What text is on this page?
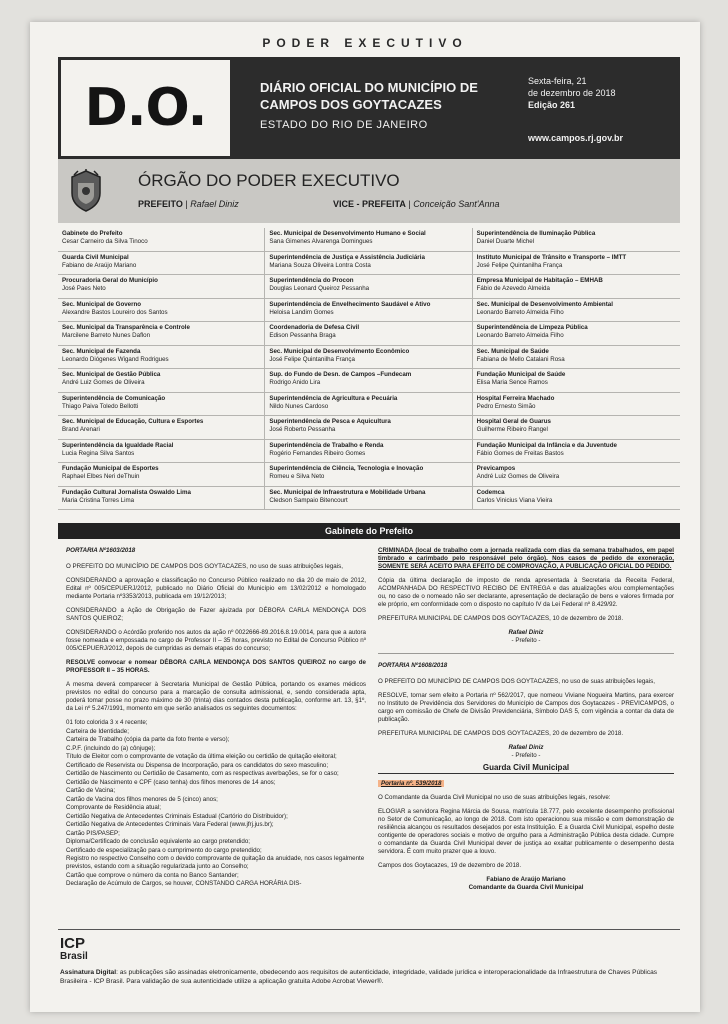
PODER EXECUTIVO
D.O.	DIÁRIO OFICIAL DO MUNICÍPIO DE
CAMPOS DOS GOYTACAZES
ESTADO DO RIO DE JANEIRO
Sexta-feira, 21
de dezembro de 2018
Edição 261
www.campos.rj.gov.br
ÓRGÃO DO PODER EXECUTIVO
PREFEITO | Rafael Diniz	VICE - PREFEITA | Conceição Sant'Anna
Gabinete do Prefeito
Cesar Carneiro da Silva Tinoco
Sec. Municipal de Desenvolvimento Humano e Social
Sana Gimenes Alvarenga Domingues
Superintendência de Iluminação Pública
Daniel Duarte Michel
Guarda Civil Municipal
Fabiano de Araújo Mariano
Superintendência de Justiça e Assistência Judiciária
Mariana Souza Oliveira Lontra Costa
Instituto Municipal de Trânsito e Transporte – IMTT
José Felipe Quintanilha França
Procuradoria Geral do Município
José Paes Neto
Superintendência do Procon
Douglas Leonard Queiroz Pessanha
Empresa Municipal de Habitação – EMHAB
Fábio de Azevedo Almeida
Sec. Municipal de Governo
Alexandre Bastos Loureiro dos Santos
Superintendência de Envelhecimento Saudável e Ativo
Heloisa Landim Gomes
Sec. Municipal de Desenvolvimento Ambiental
Leonardo Barreto Almeida Filho
Sec. Municipal da Transparência e Controle
Marcilene Barreto Nunes Daflon
Coordenadoria de Defesa Civil
Edison Pessanha Braga
Superintendência de Limpeza Pública
Leonardo Barreto Almeida Filho
Sec. Municipal de Fazenda
Leonardo Diógenes Wigand Rodrigues
Sec. Municipal de Desenvolvimento Econômico
José Felipe Quintanilha França
Sec. Municipal de Saúde
Fabiana de Mello Catalani Rosa
Sec. Municipal de Gestão Pública
André Luiz Gomes de Oliveira
Sup. do Fundo de Desn. de Campos –Fundecam
Rodrigo Anido Lira
Fundação Municipal de Saúde
Elisa Maria Sence Ramos
Superintendência de Comunicação
Thiago Paiva Toledo Bellotti
Superintendência de Agricultura e Pecuária
Nildo Nunes Cardoso
Hospital Ferreira Machado
Pedro Ernesto Simão
Sec. Municipal de Educação, Cultura e Esportes
Brand Arenari
Superintendência de Pesca e Aquicultura
José Roberto Pessanha
Hospital Geral de Guarus
Guilherme Ribeiro Rangel
Superintendência da Igualdade Racial
Lucia Regina Silva Santos
Superintendência de Trabalho e Renda
Rogério Fernandes Ribeiro Gomes
Fundação Municipal da Infância e da Juventude
Fábio Gomes de Freitas Bastos
Fundação Municipal de Esportes
Raphael Elbes Neri deThuin
Superintendência de Ciência, Tecnologia e Inovação
Romeu e Silva Neto
Previcampos
André Luiz Gomes de Oliveira
Fundação Cultural Jornalista Oswaldo Lima
Maria Cristina Torres Lima
Sec. Municipal de Infraestrutura e Mobilidade Urbana
Cledson Sampaio Bitencourt
Codemca
Carlos Vinicius Viana Vieira
Gabinete do Prefeito
PORTARIA Nº1603/2018

O PREFEITO DO MUNICÍPIO DE CAMPOS DOS GOYTACAZES, no uso de suas atribuições legais,

CONSIDERANDO a aprovação e classificação no Concurso Público realizado no dia 20 de maio de 2012, Edital nº 005/CEPUERJ/2012, publicado no Diário Oficial do Município em 13/02/2012 e homologado mediante Portaria nº3353/2013, publicada em 19/12/2013;

CONSIDERANDO a Ação de Obrigação de Fazer ajuizada por DÉBORA CARLA MENDONÇA DOS SANTOS QUEIROZ;

CONSIDERANDO o Acórdão proferido nos autos da ação nº 0022666-89.2016.8.19.0014, para que a autora fosse nomeada e empossada no cargo de Professor II – 35 horas, previsto no Edital de Concurso Público nº 005/CEPUERJ/2012, depois de cumpridas as demais etapas do concurso;

RESOLVE convocar e nomear DÉBORA CARLA MENDONÇA DOS SANTOS QUEIROZ no cargo de PROFESSOR II – 35 HORAS.

A mesma deverá comparecer à Secretaria Municipal de Gestão Pública, portando os exames médicos previstos no edital do concurso para a marcação de consulta admissional, e, sendo considerada apta, poderá tomar posse no prazo máximo de 30 (trinta) dias contados desta publicação, conforme art. 13, §1º, da Lei nº 5.247/1991, momento em que serão analisados os seguintes documentos:

01 foto colorida 3 x 4 recente;
Carteira de Identidade;
Carteira de Trabalho (cópia da parte da foto frente e verso);
C.P.F. (incluindo do (a) cônjuge);
Título de Eleitor com o comprovante de votação da última eleição ou certidão de quitação eleitoral;
Certificado de Reservista ou Dispensa de Incorporação, para os candidatos do sexo masculino;
Certidão de Nascimento ou Certidão de Casamento, com as respectivas averbações, se for o caso;
Certidão de Nascimento e CPF (caso tenha) dos filhos menores de 14 anos;
Cartão de Vacina;
Cartão de Vacina dos filhos menores de 5 (cinco) anos;
Comprovante de Residência atual;
Certidão Negativa de Antecedentes Criminais Estadual (Cartório do Distribuidor);
Certidão Negativa de Antecedentes Criminais Vara Federal (www.jfrj.jus.br);
Cartão PIS/PASEP;
Diploma/Certificado de conclusão equivalente ao cargo pretendido;
Certificado de especialização para o cumprimento do cargo pretendido;
Registro no respectivo Conselho com o devido comprovante de quitação da anuidade, nos casos legalmente previstos, estando com a situação regularizada junto ao Conselho;
Cartão que comprove o número da conta no Banco Santander;
Declaração de Acúmulo de Cargos, se houver, CONSTANDO CARGA HORÁRIA DIS-

CRIMINADA (local de trabalho com a jornada realizada com dias da semana trabalhados, em papel timbrado e carimbado pelo responsável pelo órgão). Nos casos de pedido de exoneração, SOMENTE SERÁ ACEITO PARA EFEITO DE COMPROVAÇÃO, A PUBLICAÇÃO OFICIAL DO PEDIDO.

Cópia da última declaração de imposto de renda apresentada à Secretaria da Receita Federal, ACOMPANHADA DO RESPECTIVO RECIBO DE ENTREGA e das atualizações e/ou complementações ou, no caso de o nomeado não ser declarante, apresentação de declaração de bens e valores firmada por ele próprio, em conformidade com o disposto no capítulo IV da Lei Federal nº 8.429/92.

PREFEITURA MUNICIPAL DE CAMPOS DOS GOYTACAZES, 10 de dezembro de 2018.

Rafael Diniz
- Prefeito -
PORTARIA Nº1608/2018

O PREFEITO DO MUNICÍPIO DE CAMPOS DOS GOYTACAZES, no uso de suas atribuições legais,

RESOLVE, tornar sem efeito a Portaria nº 562/2017, que nomeou Viviane Nogueira Martins, para exercer no Instituto de Previdência dos Servidores do Município de Campos dos Goytacazes - PREVICAMPOS, o cargo em comissão de Chefe de Divisão Previdenciária, Símbolo DAS 5, com vigência a contar da data de publicação.

PREFEITURA MUNICIPAL DE CAMPOS DOS GOYTACAZES, 20 de dezembro de 2018.

Rafael Diniz
- Prefeito -
Guarda Civil Municipal
Portaria nº. 539/2018

O Comandante da Guarda Civil Municipal no uso de suas atribuições legais, resolve:

ELOGIAR a servidora Regina Márcia de Sousa, matrícula 18.777, pelo excelente desempenho profissional no Setor de Comunicação, ao longo de 2018. Com isto operacionou sua missão e com demonstração de resiliência alcançou os resultados desejados por esta Instituição. E a Guarda Civil Municipal, espelho deste contigente de operadores sociais e motivo de orgulho para a Administração Pública desta cidade. Cumpre o comandante da Guarda Civil Municipal dever de justiça ao exaltar publicamente o desempenho desta servidora. É com muito prazer que a louvo.

Campos dos Goytacazes, 19 de dezembro de 2018.

Fabiano de Araújo Mariano
Comandante da Guarda Civil Municipal
ICP
Brasil
Assinatura Digital: as publicações são assinadas eletronicamente, obedecendo aos requisitos de autenticidade, integridade, validade jurídica e interoperacionalidade da Infraestrutura de Chaves Públicas Brasileira - ICP Brasil. Para validação de sua autenticidade utilize a aplicação gratuita Adobe Acrobat Viewer®.
